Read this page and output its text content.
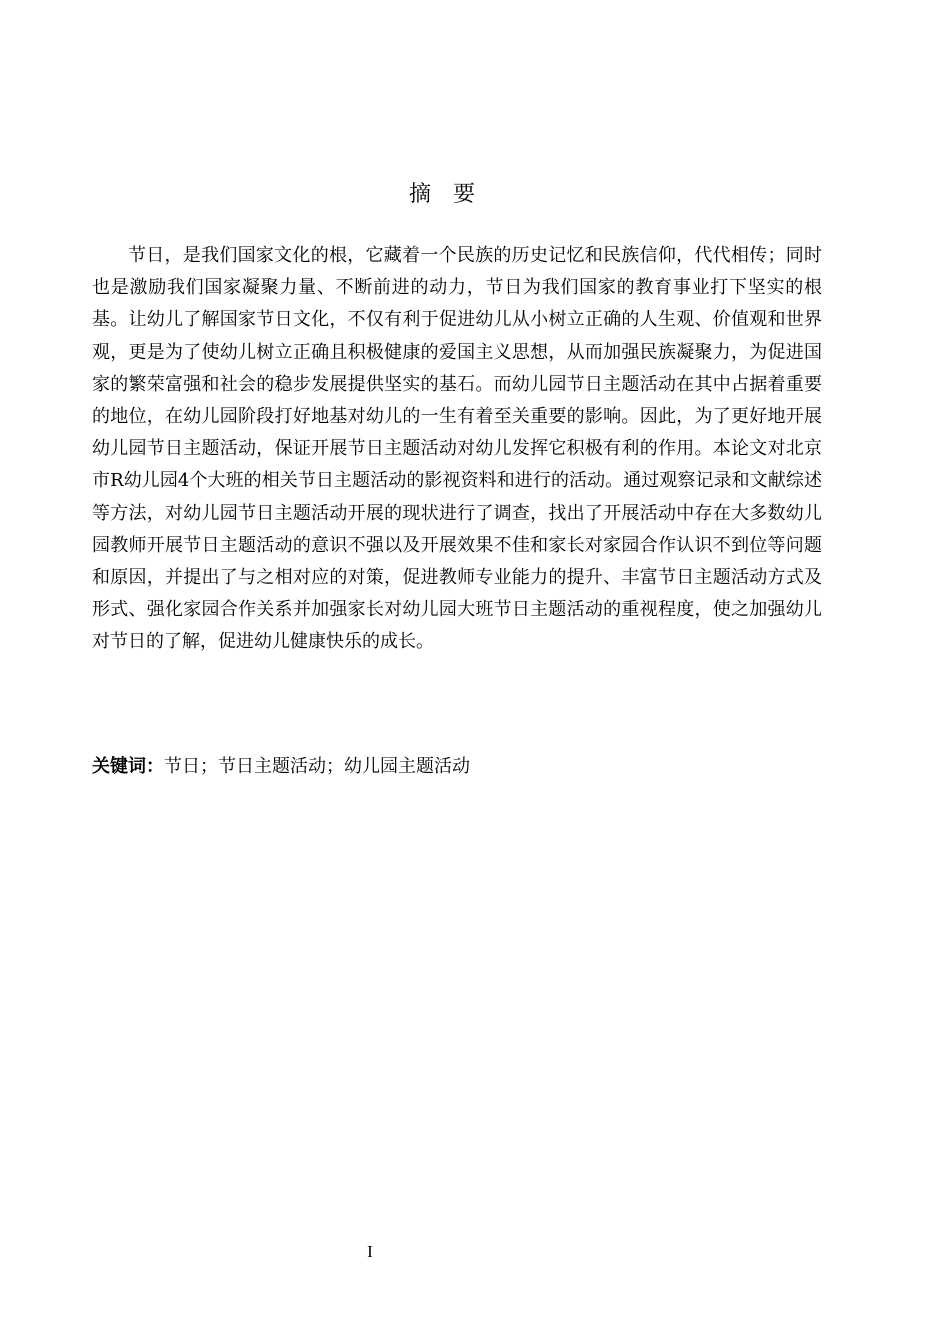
摘要

节日，是我们国家文化的根，它藏着一个民族的历史记忆和民族信仰，代代相传；同时也是激励我们国家凝聚力量、不断前进的动力，节日为我们国家的教育事业打下坚实的根基。让幼儿了解国家节日文化，不仅有利于促进幼儿从小树立正确的人生观、价值观和世界观，更是为了使幼儿树立正确且积极健康的爱国主义思想，从而加强民族凝聚力，为促进国家的繁荣富强和社会的稳步发展提供坚实的基石。而幼儿园节日主题活动在其中占据着重要的地位，在幼儿园阶段打好地基对幼儿的一生有着至关重要的影响。因此，为了更好地开展幼儿园节日主题活动，保证开展节日主题活动对幼儿发挥它积极有利的作用。本论文对北京市R幼儿园4个大班的相关节日主题活动的影视资料和进行的活动。通过观察记录和文献综述等方法，对幼儿园节日主题活动开展的现状进行了调查，找出了开展活动中存在大多数幼儿园教师开展节日主题活动的意识不强以及开展效果不佳和家长对家园合作认识不到位等问题和原因，并提出了与之相对应的对策，促进教师专业能力的提升、丰富节日主题活动方式及形式、强化家园合作关系并加强家长对幼儿园大班节日主题活动的重视程度，使之加强幼儿对节日的了解，促进幼儿健康快乐的成长。

关键词：节日；节日主题活动；幼儿园主题活动
I
